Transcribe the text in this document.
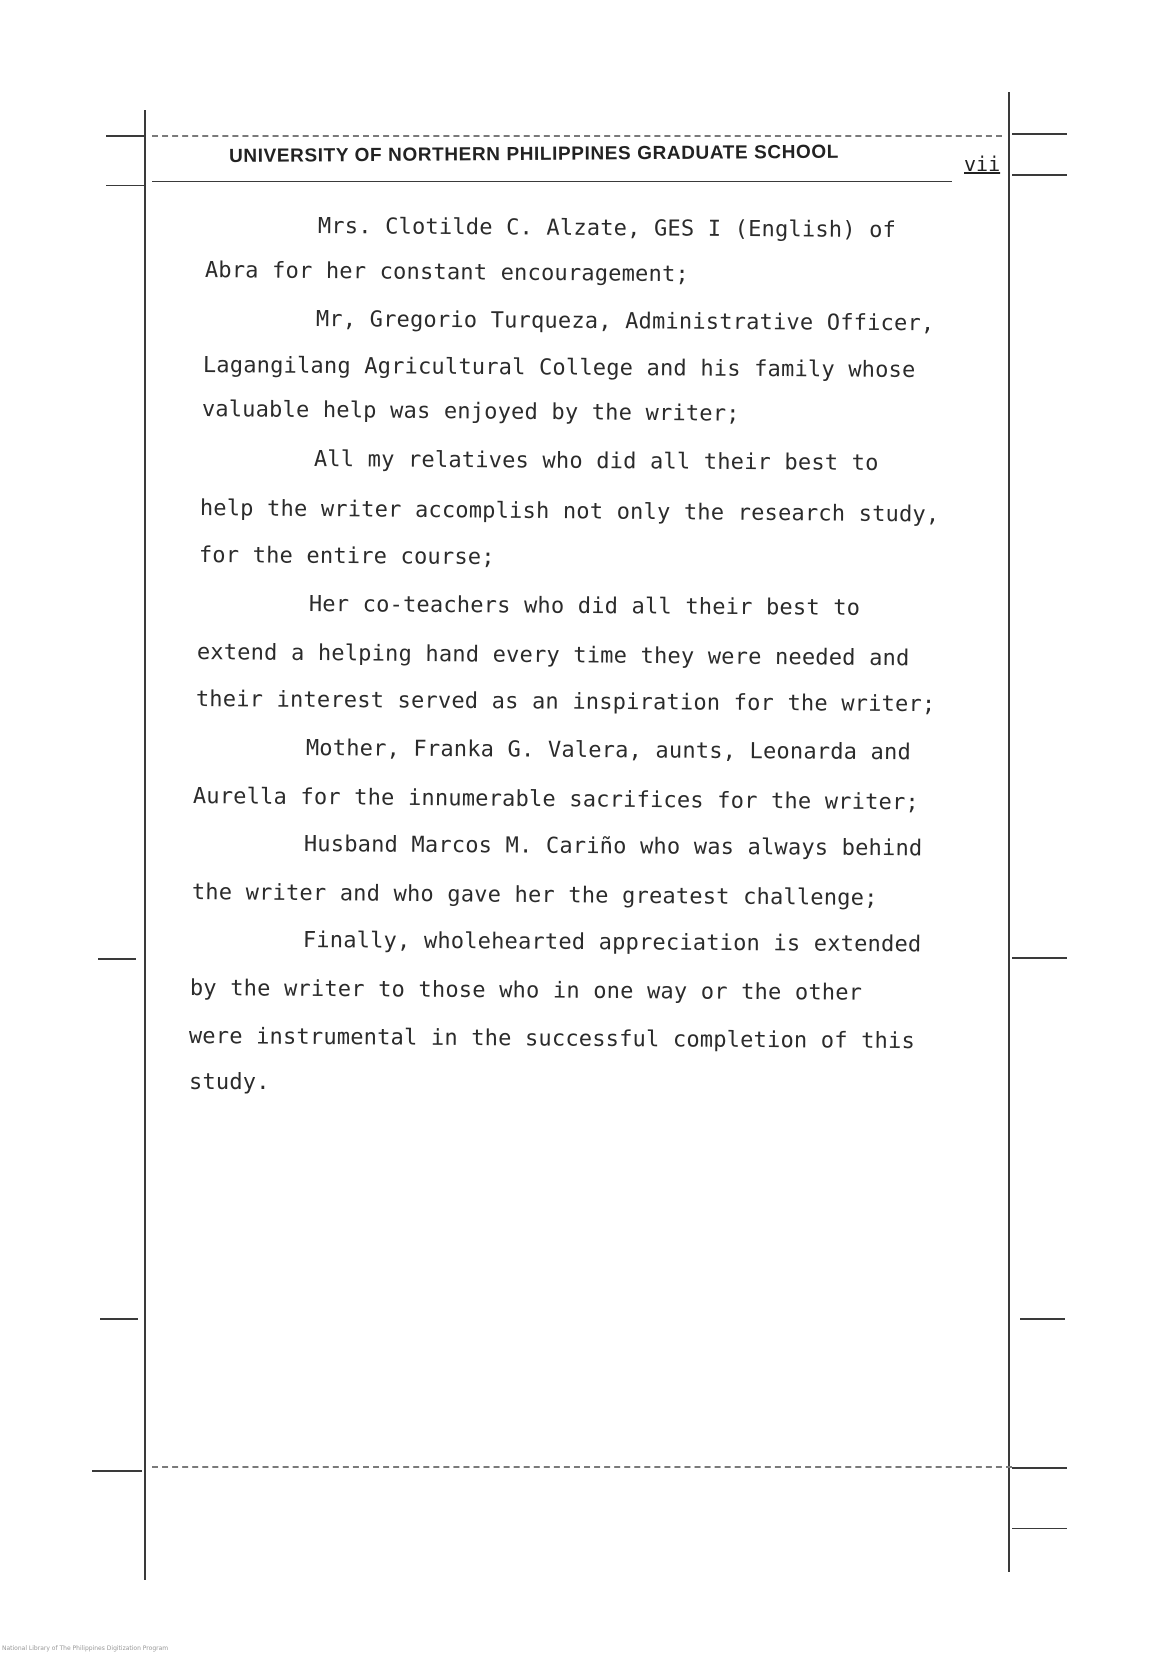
UNIVERSITY OF NORTHERN PHILIPPINES GRADUATE SCHOOL	vii
Mrs. Clotilde C. Alzate, GES I (English) of
Abra for her constant encouragement;
Mr, Gregorio Turqueza, Administrative Officer,
Lagangilang Agricultural College and his family whose
valuable help was enjoyed by the writer;
All my relatives who did all their best to
help the writer accomplish not only the research study,
for the entire course;
Her co-teachers who did all their best to
extend a helping hand every time they were needed and
their interest served as an inspiration for the writer;
Mother, Franka G. Valera, aunts, Leonarda and
Aurella for the innumerable sacrifices for the writer;
Husband Marcos M. Cariño who was always behind
the writer and who gave her the greatest challenge;
Finally, wholehearted appreciation is extended
by the writer to those who in one way or the other
were instrumental in the successful completion of this
study.
National Library of The Philippines Digitization Program
